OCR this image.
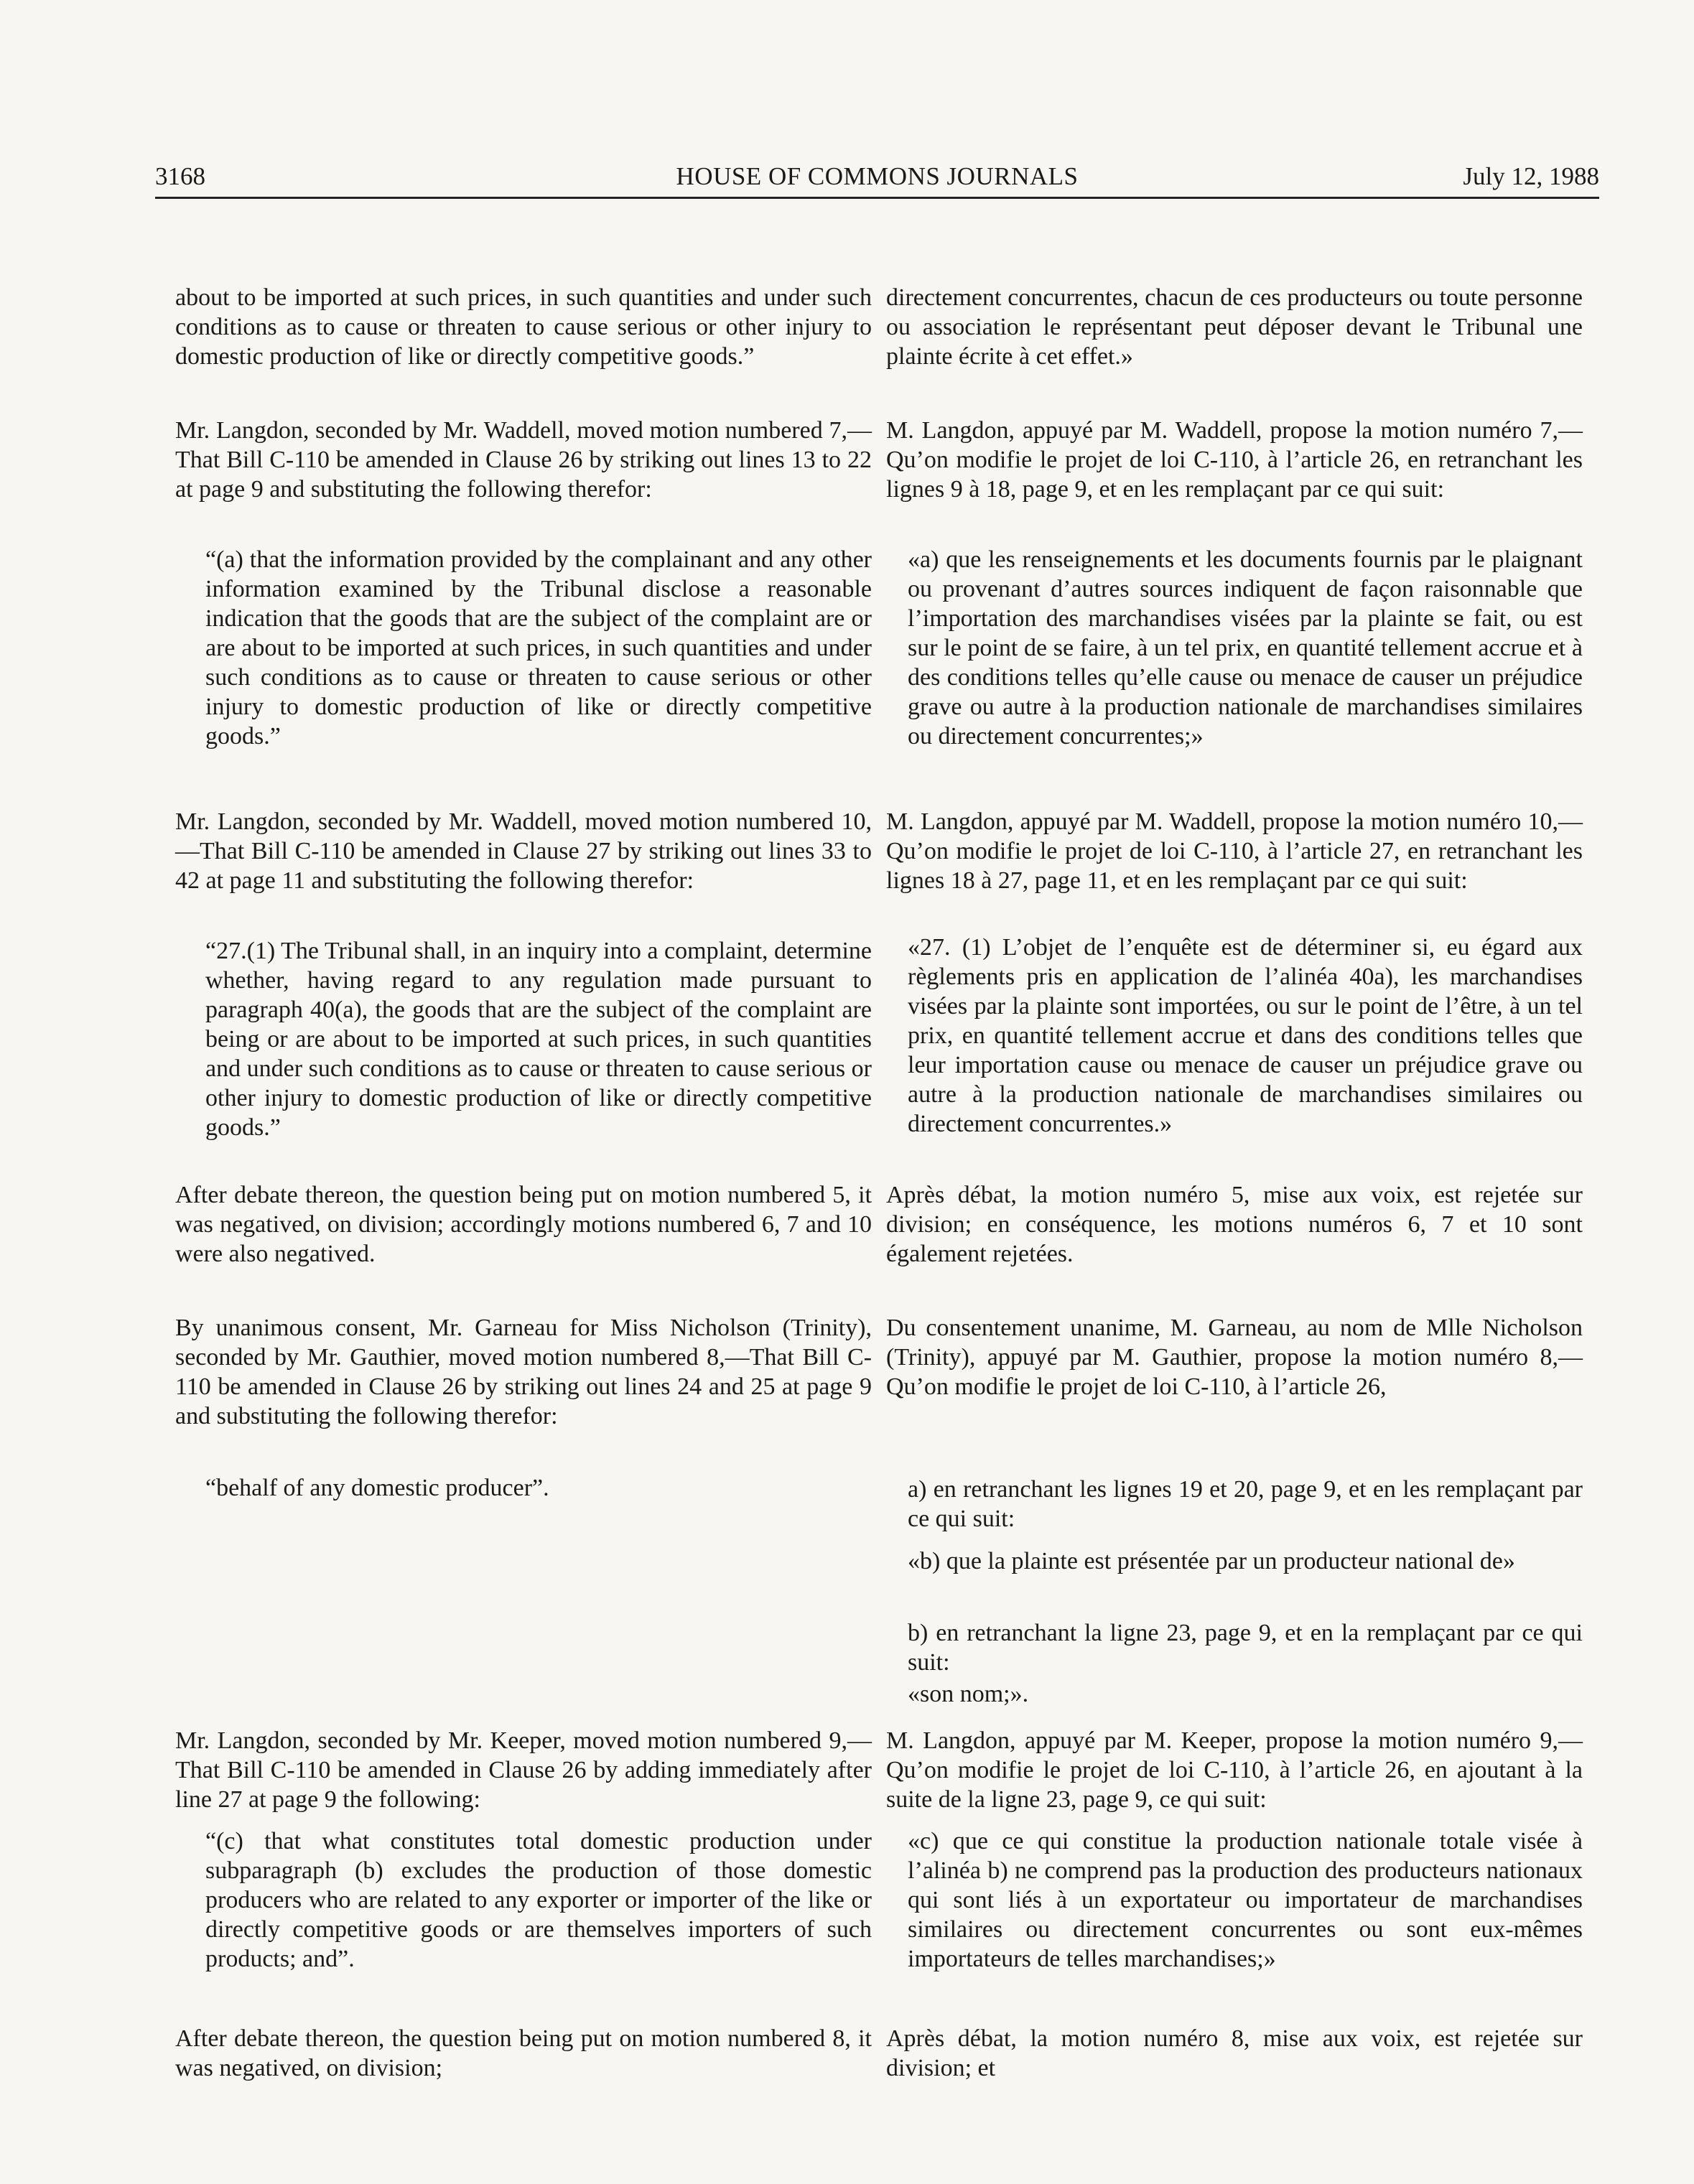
3168	HOUSE OF COMMONS JOURNALS	July 12, 1988

about to be imported at such prices, in such quantities and under such conditions as to cause or threaten to cause serious or other injury to domestic production of like or directly competitive goods.”

Mr. Langdon, seconded by Mr. Waddell, moved motion numbered 7,—That Bill C-110 be amended in Clause 26 by striking out lines 13 to 22 at page 9 and substituting the following therefor:

“(a) that the information provided by the complainant and any other information examined by the Tribunal disclose a reasonable indication that the goods that are the subject of the complaint are or are about to be imported at such prices, in such quantities and under such conditions as to cause or threaten to cause serious or other injury to domestic production of like or directly competitive goods.”

Mr. Langdon, seconded by Mr. Waddell, moved motion numbered 10,—That Bill C-110 be amended in Clause 27 by striking out lines 33 to 42 at page 11 and substituting the following therefor:

“27.(1) The Tribunal shall, in an inquiry into a complaint, determine whether, having regard to any regulation made pursuant to paragraph 40(a), the goods that are the subject of the complaint are being or are about to be imported at such prices, in such quantities and under such conditions as to cause or threaten to cause serious or other injury to domestic production of like or directly competitive goods.”

After debate thereon, the question being put on motion numbered 5, it was negatived, on division; accordingly motions numbered 6, 7 and 10 were also negatived.

By unanimous consent, Mr. Garneau for Miss Nicholson (Trinity), seconded by Mr. Gauthier, moved motion numbered 8,—That Bill C-110 be amended in Clause 26 by striking out lines 24 and 25 at page 9 and substituting the following therefor:

“behalf of any domestic producer”.

Mr. Langdon, seconded by Mr. Keeper, moved motion numbered 9,—That Bill C-110 be amended in Clause 26 by adding immediately after line 27 at page 9 the following:

“(c) that what constitutes total domestic production under subparagraph (b) excludes the production of those domestic producers who are related to any exporter or importer of the like or directly competitive goods or are themselves importers of such products; and”.

After debate thereon, the question being put on motion numbered 8, it was negatived, on division;

directement concurrentes, chacun de ces producteurs ou toute personne ou association le représentant peut déposer devant le Tribunal une plainte écrite à cet effet.»

M. Langdon, appuyé par M. Waddell, propose la motion numéro 7,—Qu’on modifie le projet de loi C-110, à l’article 26, en retranchant les lignes 9 à 18, page 9, et en les remplaçant par ce qui suit:

«a) que les renseignements et les documents fournis par le plaignant ou provenant d’autres sources indiquent de façon raisonnable que l’importation des marchandises visées par la plainte se fait, ou est sur le point de se faire, à un tel prix, en quantité tellement accrue et à des conditions telles qu’elle cause ou menace de causer un préjudice grave ou autre à la production nationale de marchandises similaires ou directement concurrentes;»

M. Langdon, appuyé par M. Waddell, propose la motion numéro 10,—Qu’on modifie le projet de loi C-110, à l’article 27, en retranchant les lignes 18 à 27, page 11, et en les remplaçant par ce qui suit:

«27. (1) L’objet de l’enquête est de déterminer si, eu égard aux règlements pris en application de l’alinéa 40a), les marchandises visées par la plainte sont importées, ou sur le point de l’être, à un tel prix, en quantité tellement accrue et dans des conditions telles que leur importation cause ou menace de causer un préjudice grave ou autre à la production nationale de marchandises similaires ou directement concurrentes.»

Après débat, la motion numéro 5, mise aux voix, est rejetée sur division; en conséquence, les motions numéros 6, 7 et 10 sont également rejetées.

Du consentement unanime, M. Garneau, au nom de Mlle Nicholson (Trinity), appuyé par M. Gauthier, propose la motion numéro 8,—Qu’on modifie le projet de loi C-110, à l’article 26,

a) en retranchant les lignes 19 et 20, page 9, et en les remplaçant par ce qui suit:

«b) que la plainte est présentée par un producteur national de»

b) en retranchant la ligne 23, page 9, et en la remplaçant par ce qui suit:

«son nom;».

M. Langdon, appuyé par M. Keeper, propose la motion numéro 9,—Qu’on modifie le projet de loi C-110, à l’article 26, en ajoutant à la suite de la ligne 23, page 9, ce qui suit:

«c) que ce qui constitue la production nationale totale visée à l’alinéa b) ne comprend pas la production des producteurs nationaux qui sont liés à un exportateur ou importateur de marchandises similaires ou directement concurrentes ou sont eux-mêmes importateurs de telles marchandises;»

Après débat, la motion numéro 8, mise aux voix, est rejetée sur division; et
